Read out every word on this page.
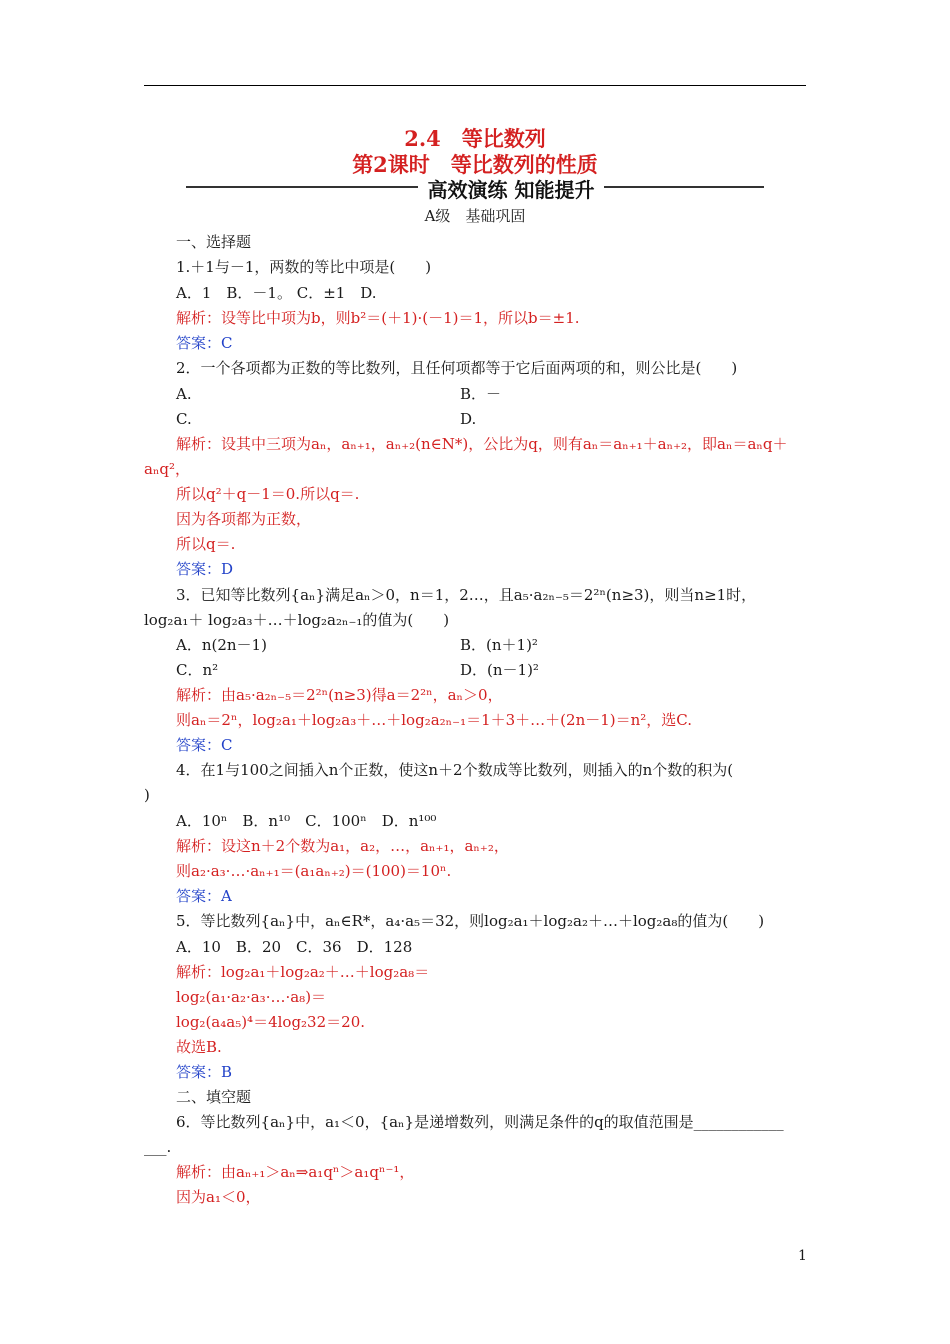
2.4　等比数列
第2课时　等比数列的性质
高效演练 知能提升
A级　基础巩固
一、选择题
1.＋1与－1，两数的等比中项是(　　)
A．1　B．－1。 C．±1　D.
解析：设等比中项为b，则b²＝(＋1)·(－1)＝1，所以b＝±1.
答案：C
2．一个各项都为正数的等比数列，且任何项都等于它后面两项的和，则公比是(　　)
A.	B．－
C.	D.
解析：设其中三项为aₙ，aₙ₊₁，aₙ₊₂(n∈N*)，公比为q，则有aₙ＝aₙ₊₁＋aₙ₊₂，即aₙ＝aₙq＋
aₙq²，
所以q²＋q－1＝0.所以q＝.
因为各项都为正数，
所以q＝.
答案：D
3．已知等比数列{aₙ}满足aₙ＞0，n＝1，2…，且a₅·a₂ₙ₋₅＝2²ⁿ(n≥3)，则当n≥1时，
log₂a₁＋ log₂a₃＋…＋log₂a₂ₙ₋₁的值为(　　)
A．n(2n－1)	B．(n＋1)²
C．n²	D．(n－1)²
解析：由a₅·a₂ₙ₋₅＝2²ⁿ(n≥3)得a＝2²ⁿ，aₙ＞0，
则aₙ＝2ⁿ，log₂a₁＋log₂a₃＋…＋log₂a₂ₙ₋₁＝1＋3＋…＋(2n－1)＝n²，选C.
答案：C
4．在1与100之间插入n个正数，使这n＋2个数成等比数列，则插入的n个数的积为(
)
A．10ⁿ　B．n¹⁰　C．100ⁿ　D．n¹⁰⁰
解析：设这n＋2个数为a₁，a₂，…，aₙ₊₁，aₙ₊₂，
则a₂·a₃·…·aₙ₊₁＝(a₁aₙ₊₂)＝(100)＝10ⁿ.
答案：A
5．等比数列{aₙ}中，aₙ∈R*，a₄·a₅＝32，则log₂a₁＋log₂a₂＋…＋log₂a₈的值为(　　)
A．10　B．20　C．36　D．128
解析：log₂a₁＋log₂a₂＋…＋log₂a₈＝
log₂(a₁·a₂·a₃·…·a₈)＝
log₂(a₄a₅)⁴＝4log₂32＝20.
故选B.
答案：B
二、填空题
6．等比数列{aₙ}中，a₁＜0，{aₙ}是递增数列，则满足条件的q的取值范围是____________
___.
解析：由aₙ₊₁＞aₙ⇒a₁qⁿ＞a₁qⁿ⁻¹，
因为a₁＜0，
1
